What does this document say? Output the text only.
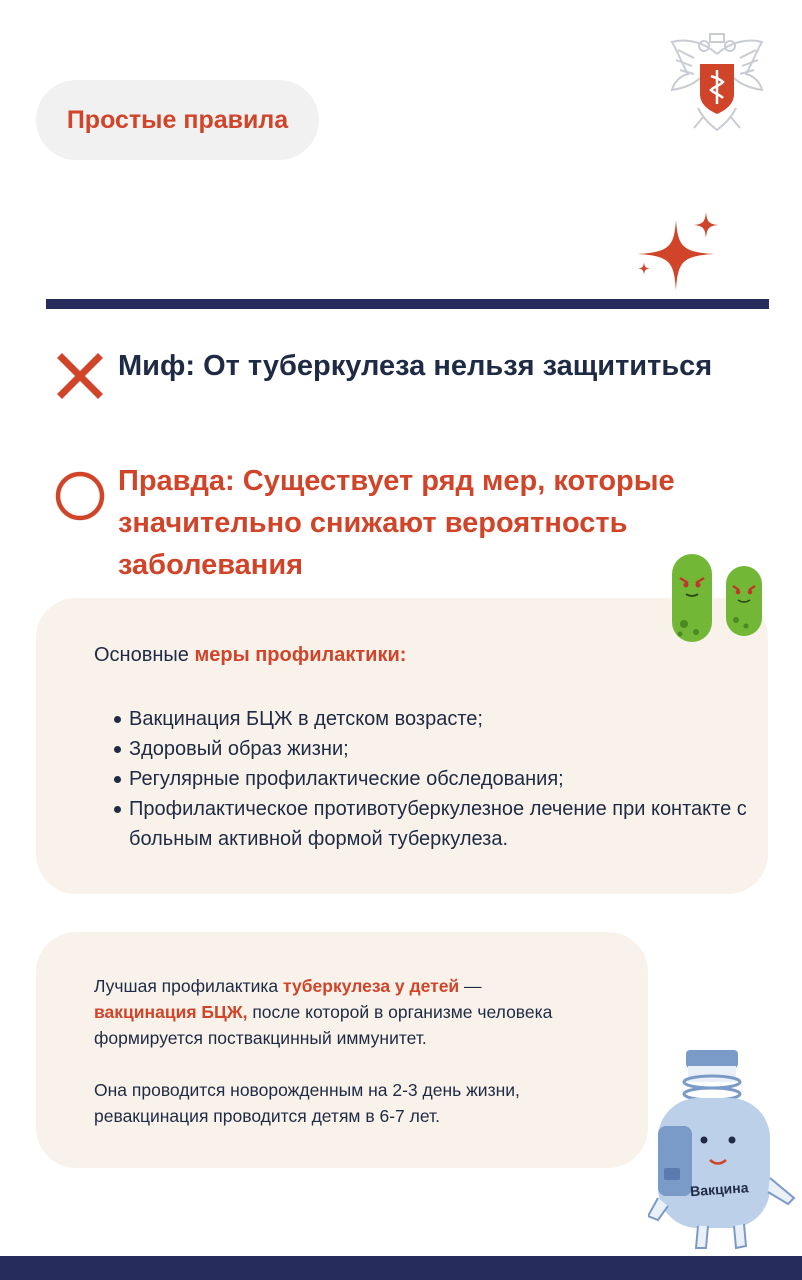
Простые правила
Миф: От туберкулеза нельзя защититься
Правда: Существует ряд мер, которые значительно снижают вероятность заболевания
Основные меры профилактики:
Вакцинация БЦЖ в детском возрасте;
Здоровый образ жизни;
Регулярные профилактические обследования;
Профилактическое противотуберкулезное лечение при контакте с больным активной формой туберкулеза.
Лучшая профилактика туберкулеза у детей —
вакцинация БЦЖ, после которой в организме человека формируется поствакцинный иммунитет.
Она проводится новорожденным на 2-3 день жизни, ревакцинация проводится детям в 6-7 лет.
Вакцина
